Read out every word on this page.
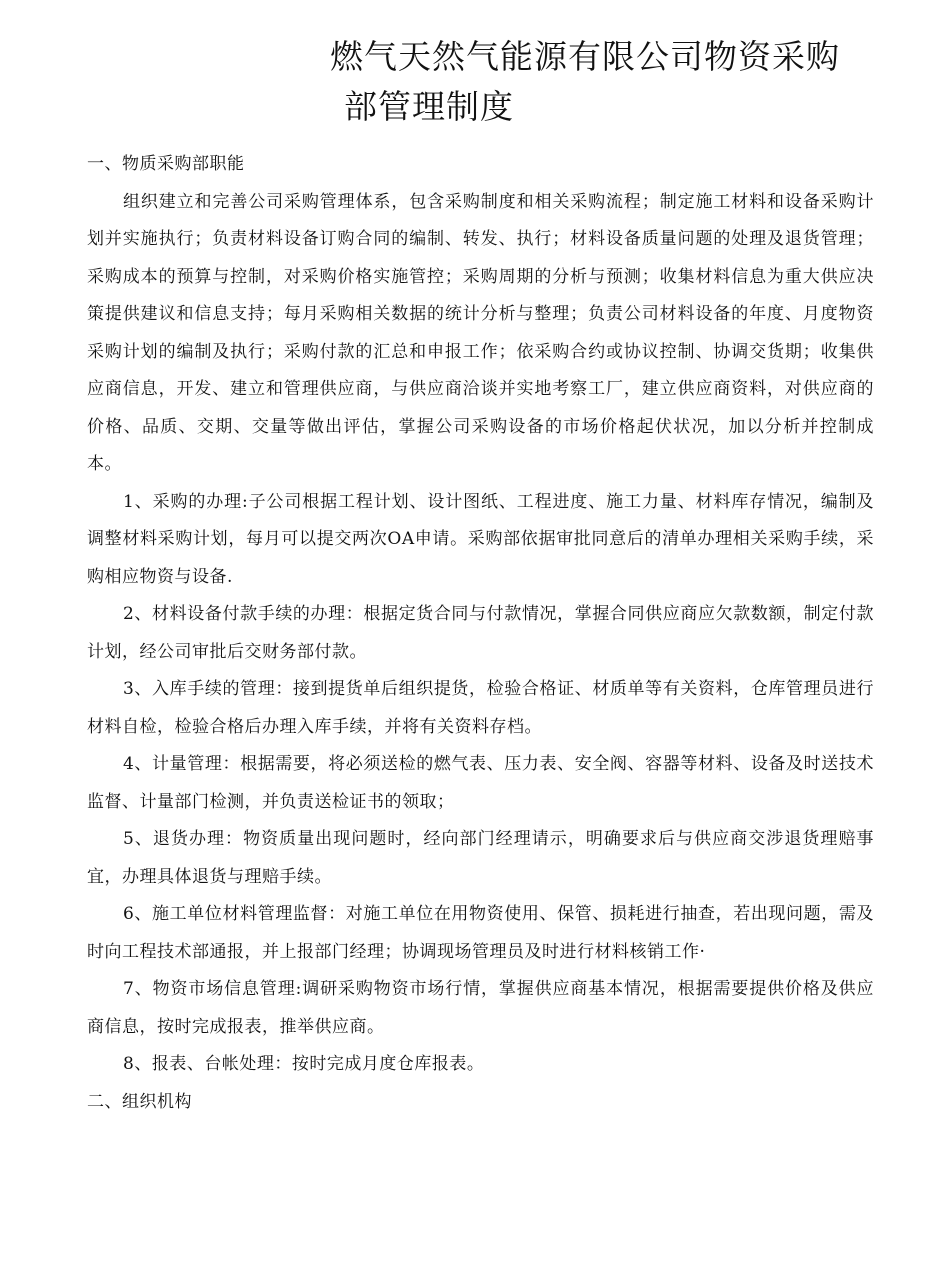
燃气天然气能源有限公司物资采购
部管理制度

一、物质采购部职能

组织建立和完善公司采购管理体系，包含采购制度和相关采购流程；制定施工材料和设备采购计划并实施执行；负责材料设备订购合同的编制、转发、执行；材料设备质量问题的处理及退货管理；采购成本的预算与控制，对采购价格实施管控；采购周期的分析与预测；收集材料信息为重大供应决策提供建议和信息支持；每月采购相关数据的统计分析与整理；负责公司材料设备的年度、月度物资采购计划的编制及执行；采购付款的汇总和申报工作；依采购合约或协议控制、协调交货期；收集供应商信息，开发、建立和管理供应商，与供应商洽谈并实地考察工厂，建立供应商资料，对供应商的价格、品质、交期、交量等做出评估，掌握公司采购设备的市场价格起伏状况，加以分析并控制成本。

1、采购的办理:子公司根据工程计划、设计图纸、工程进度、施工力量、材料库存情况，编制及调整材料采购计划，每月可以提交两次OA申请。采购部依据审批同意后的清单办理相关采购手续，采购相应物资与设备.

2、材料设备付款手续的办理：根据定货合同与付款情况，掌握合同供应商应欠款数额，制定付款计划，经公司审批后交财务部付款。

3、入库手续的管理：接到提货单后组织提货，检验合格证、材质单等有关资料，仓库管理员进行材料自检，检验合格后办理入库手续，并将有关资料存档。

4、计量管理：根据需要，将必须送检的燃气表、压力表、安全阀、容器等材料、设备及时送技术监督、计量部门检测，并负责送检证书的领取；

5、退货办理：物资质量出现问题时，经向部门经理请示，明确要求后与供应商交涉退货理赔事宜，办理具体退货与理赔手续。

6、施工单位材料管理监督：对施工单位在用物资使用、保管、损耗进行抽查，若出现问题，需及时向工程技术部通报，并上报部门经理；协调现场管理员及时进行材料核销工作·

7、物资市场信息管理:调研采购物资市场行情，掌握供应商基本情况，根据需要提供价格及供应商信息，按时完成报表，推举供应商。

8、报表、台帐处理：按时完成月度仓库报表。

二、组织机构
